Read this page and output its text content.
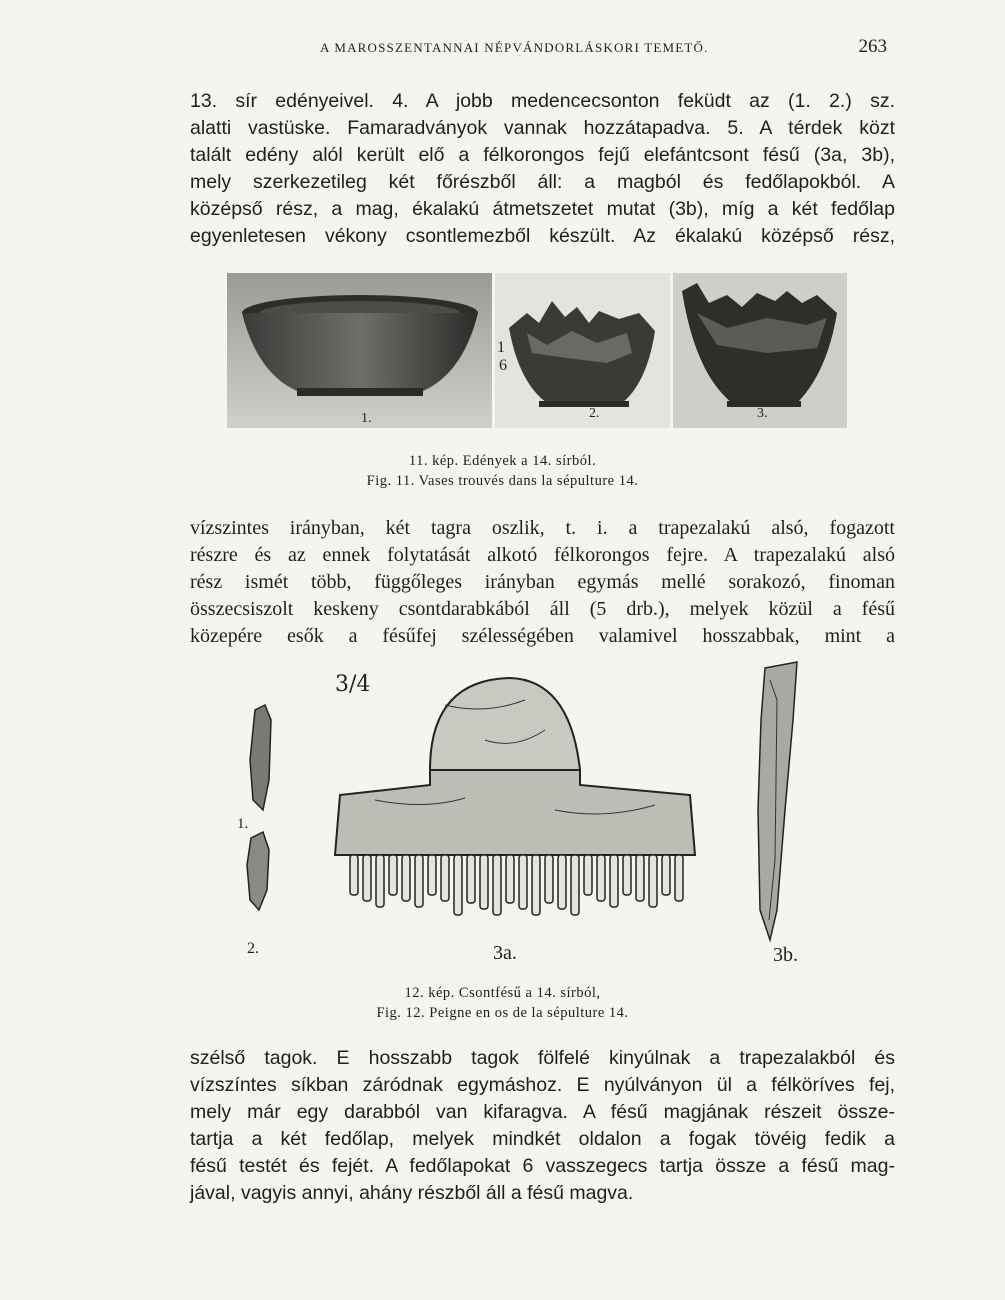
A MAROSSZENTANNAI NÉPVÁNDORLÁSKORI TEMETŐ.	263
13. sír edényeivel. 4. A jobb medencecsonton feküdt az (1. 2.) sz.
alatti vastüske. Famaradványok vannak hozzátapadva. 5. A térdek közt
talált edény alól került elő a félkorongos fejű elefántcsont fésű (3a, 3b),
mely szerkezetileg két főrészből áll: a magból és fedőlapokból. A
középső rész, a mag, ékalakú átmetszetet mutat (3b), míg a két fedőlap
egyenletesen vékony csontlemezből készült. Az ékalakú középső rész,
1.	2.	3.
1
6
11. kép. Edények a 14. sírból.
Fig. 11. Vases trouvés dans la sépulture 14.
vízszintes irányban, két tagra oszlik, t. i. a trapezalakú alsó, fogazott
részre és az ennek folytatását alkotó félkorongos fejre. A trapezalakú alsó
rész ismét több, függőleges irányban egymás mellé sorakozó, finoman
összecsiszolt keskeny csontdarabkából áll (5 drb.), melyek közül a fésű
közepére esők a fésűfej szélességében valamivel hosszabbak, mint a
3/4
1.
2.	3a.	3b.
12. kép. Csontfésű a 14. sírból,
Fig. 12. Peigne en os de la sépulture 14.
szélső tagok. E hosszabb tagok fölfelé kinyúlnak a trapezalakból és
vízszíntes síkban záródnak egymáshoz. E nyúlványon ül a félköríves fej,
mely már egy darabból van kifaragva. A fésű magjának részeit össze-
tartja a két fedőlap, melyek mindkét oldalon a fogak tövéig fedik a
fésű testét és fejét. A fedőlapokat 6 vasszegecs tartja össze a fésű mag-
jával, vagyis annyi, ahány részből áll a fésű magva.
